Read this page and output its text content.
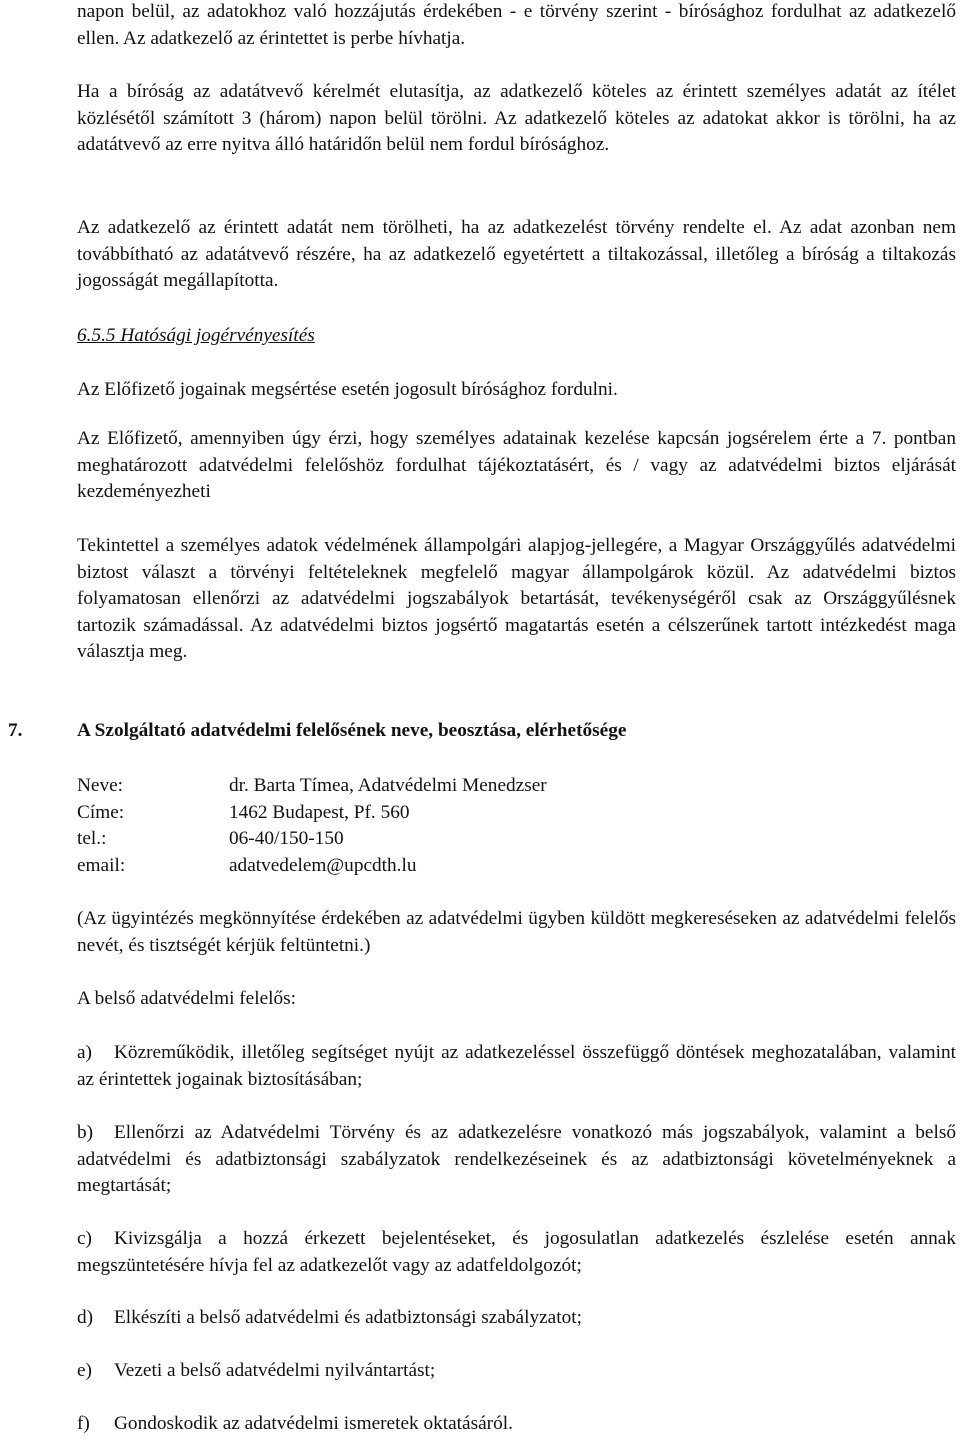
napon belül, az adatokhoz való hozzájutás érdekében - e törvény szerint - bírósághoz fordulhat az adatkezelő ellen. Az adatkezelő az érintettet is perbe hívhatja.

Ha a bíróság az adatátvevő kérelmét elutasítja, az adatkezelő köteles az érintett személyes adatát az ítélet közlésétől számított 3 (három) napon belül törölni. Az adatkezelő köteles az adatokat akkor is törölni, ha az adatátvevő az erre nyitva álló határidőn belül nem fordul bírósághoz.

Az adatkezelő az érintett adatát nem törölheti, ha az adatkezelést törvény rendelte el. Az adat azonban nem továbbítható az adatátvevő részére, ha az adatkezelő egyetértett a tiltakozással, illetőleg a bíróság a tiltakozás jogosságát megállapította.

6.5.5 Hatósági jogérvényesítés

Az Előfizető jogainak megsértése esetén jogosult bírósághoz fordulni.

Az Előfizető, amennyiben úgy érzi, hogy személyes adatainak kezelése kapcsán jogsérelem érte a 7. pontban meghatározott adatvédelmi felelőshöz fordulhat tájékoztatásért, és / vagy az adatvédelmi biztos eljárását kezdeményezheti

Tekintettel a személyes adatok védelmének állampolgári alapjog-jellegére, a Magyar Országgyűlés adatvédelmi biztost választ a törvényi feltételeknek megfelelő magyar állampolgárok közül. Az adatvédelmi biztos folyamatosan ellenőrzi az adatvédelmi jogszabályok betartását, tevékenységéről csak az Országgyűlésnek tartozik számadással. Az adatvédelmi biztos jogsértő magatartás esetén a célszerűnek tartott intézkedést maga választja meg.

7.	A Szolgáltató adatvédelmi felelősének neve, beosztása, elérhetősége
Neve:	dr. Barta Tímea, Adatvédelmi Menedzser
Címe:	1462 Budapest, Pf. 560
tel.:	06-40/150-150
email:	adatvedelem@upcdth.lu

(Az ügyintézés megkönnyítése érdekében az adatvédelmi ügyben küldött megkereséseken az adatvédelmi felelős nevét, és tisztségét kérjük feltüntetni.)

A belső adatvédelmi felelős:

a) Közreműködik, illetőleg segítséget nyújt az adatkezeléssel összefüggő döntések meghozatalában, valamint az érintettek jogainak biztosításában;

b) Ellenőrzi az Adatvédelmi Törvény és az adatkezelésre vonatkozó más jogszabályok, valamint a belső adatvédelmi és adatbiztonsági szabályzatok rendelkezéseinek és az adatbiztonsági követelményeknek a megtartását;

c) Kivizsgálja a hozzá érkezett bejelentéseket, és jogosulatlan adatkezelés észlelése esetén annak megszüntetésére hívja fel az adatkezelőt vagy az adatfeldolgozót;

d) Elkészíti a belső adatvédelmi és adatbiztonsági szabályzatot;

e) Vezeti a belső adatvédelmi nyilvántartást;

f) Gondoskodik az adatvédelmi ismeretek oktatásáról.
